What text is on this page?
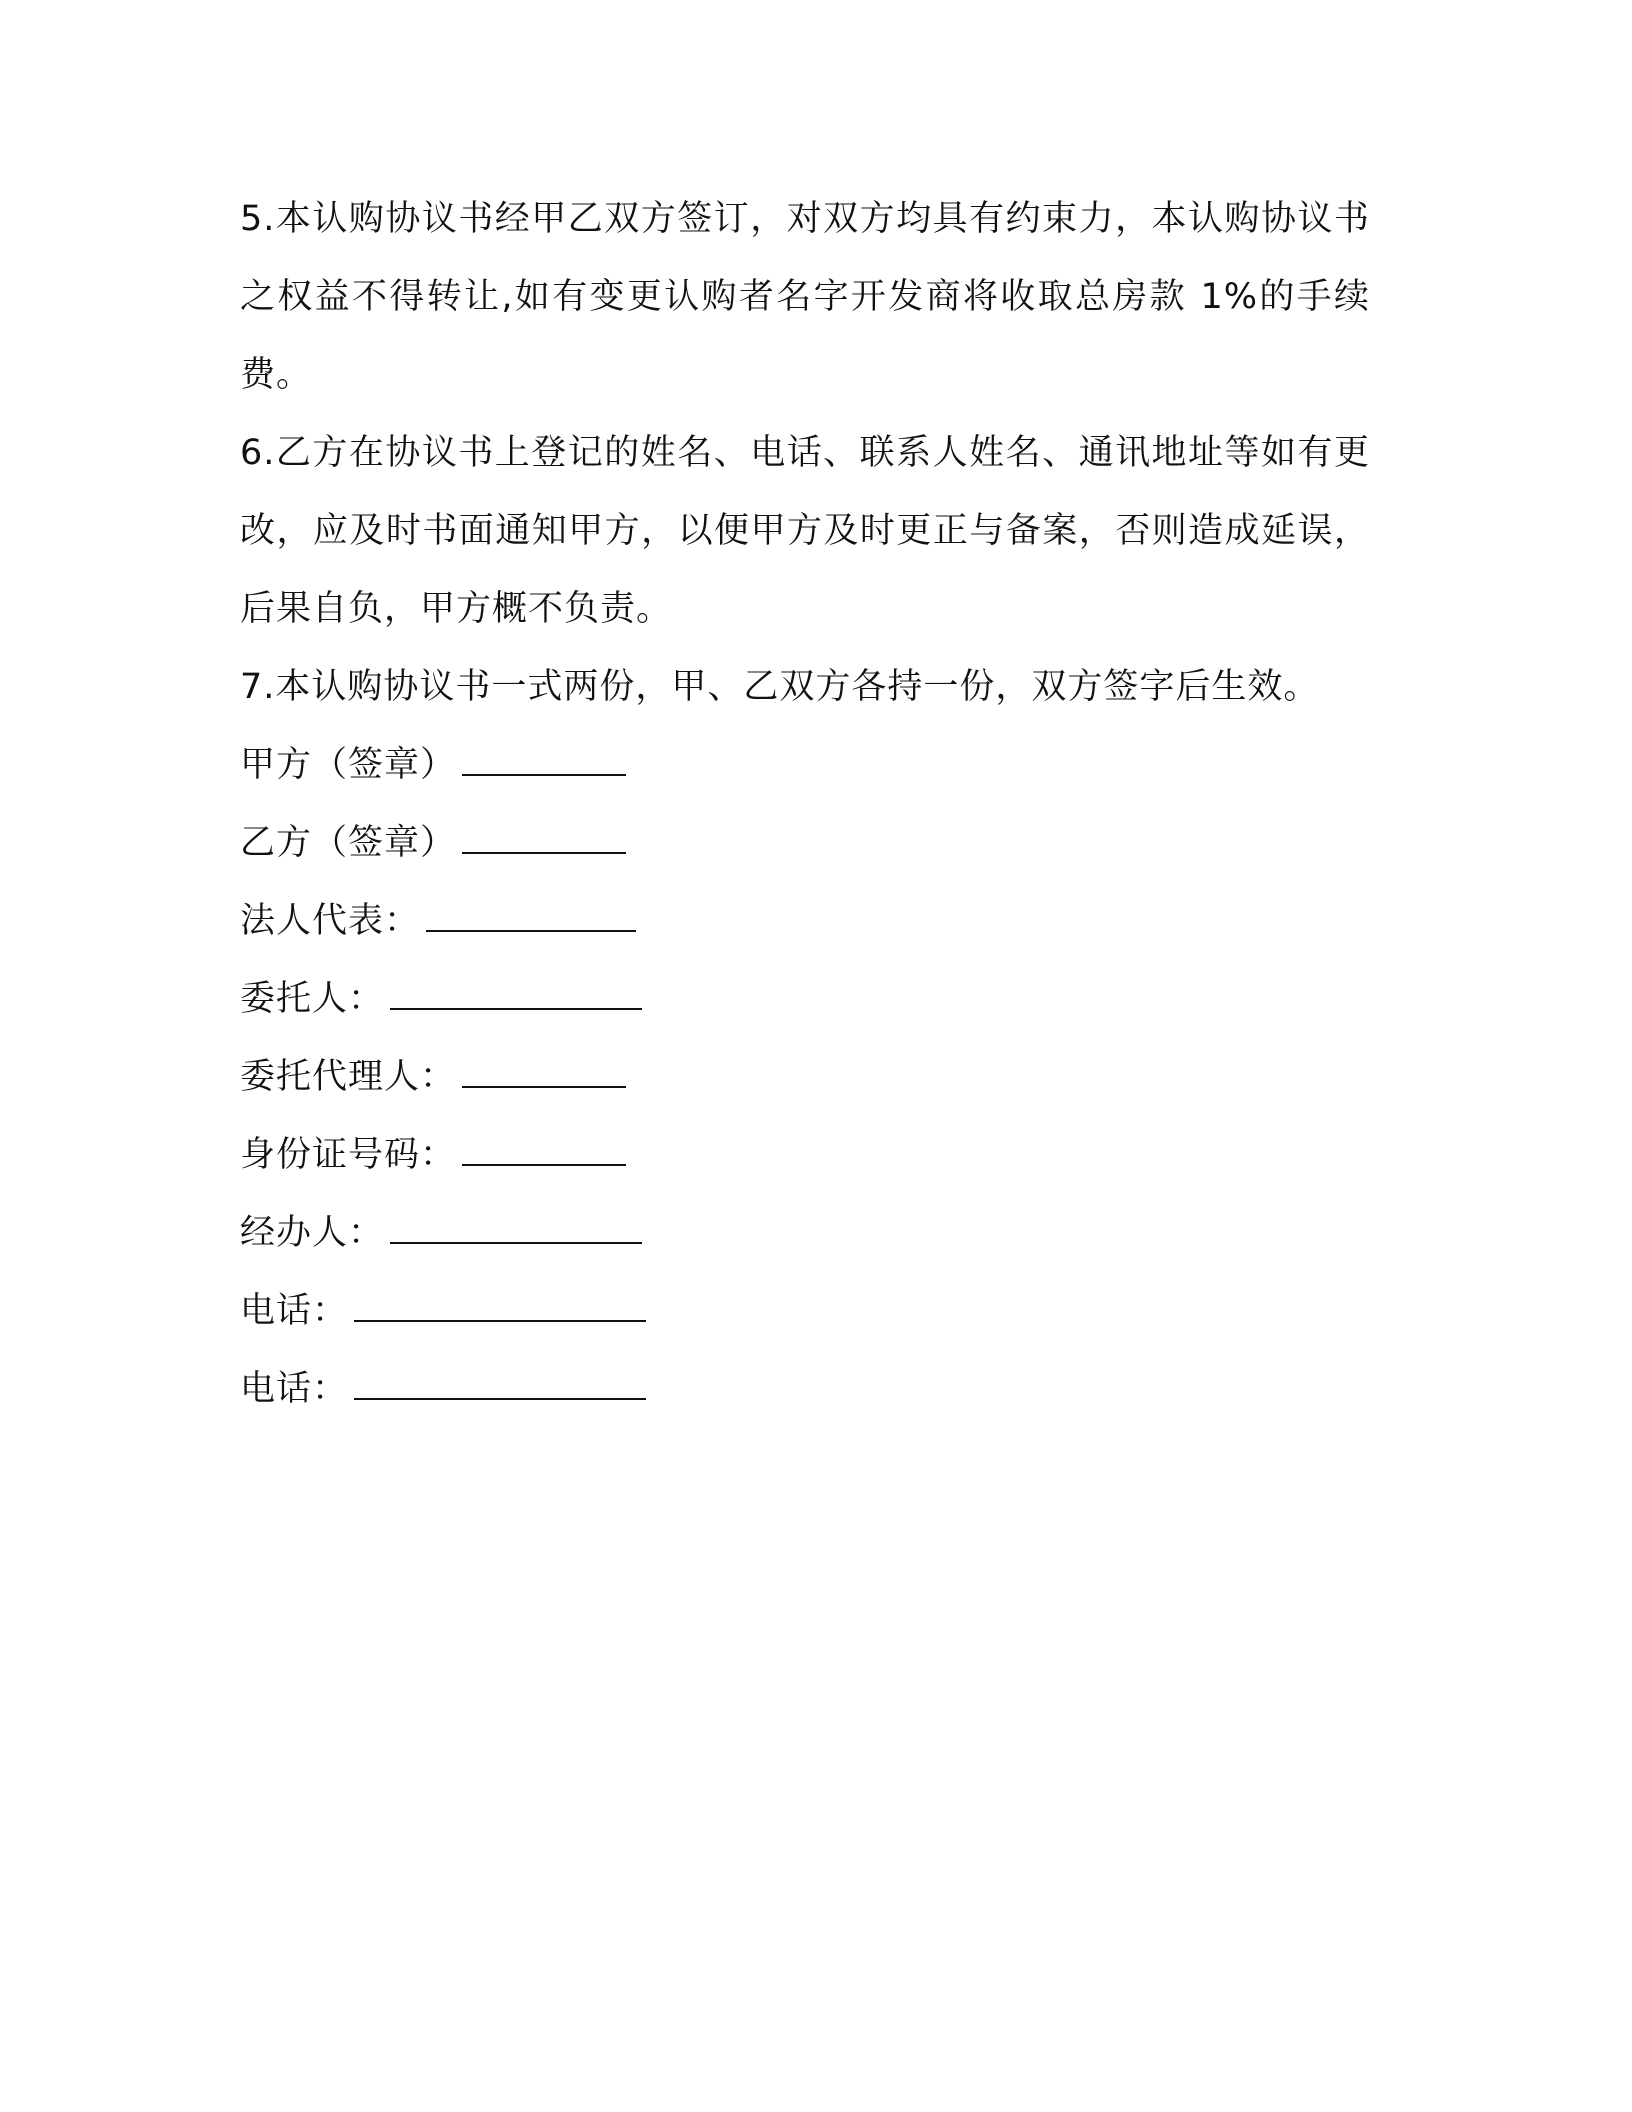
5.本认购协议书经甲乙双方签订，对双方均具有约束力，本认购协议书之权益不得转让,如有变更认购者名字开发商将收取总房款 1%的手续费。

6.乙方在协议书上登记的姓名、电话、联系人姓名、通讯地址等如有更改，应及时书面通知甲方，以便甲方及时更正与备案，否则造成延误，后果自负，甲方概不负责。

7.本认购协议书一式两份，甲、乙双方各持一份，双方签字后生效。

甲方（签章）
乙方（签章）
法人代表：
委托人：
委托代理人：
身份证号码：
经办人：
电话：
电话：
